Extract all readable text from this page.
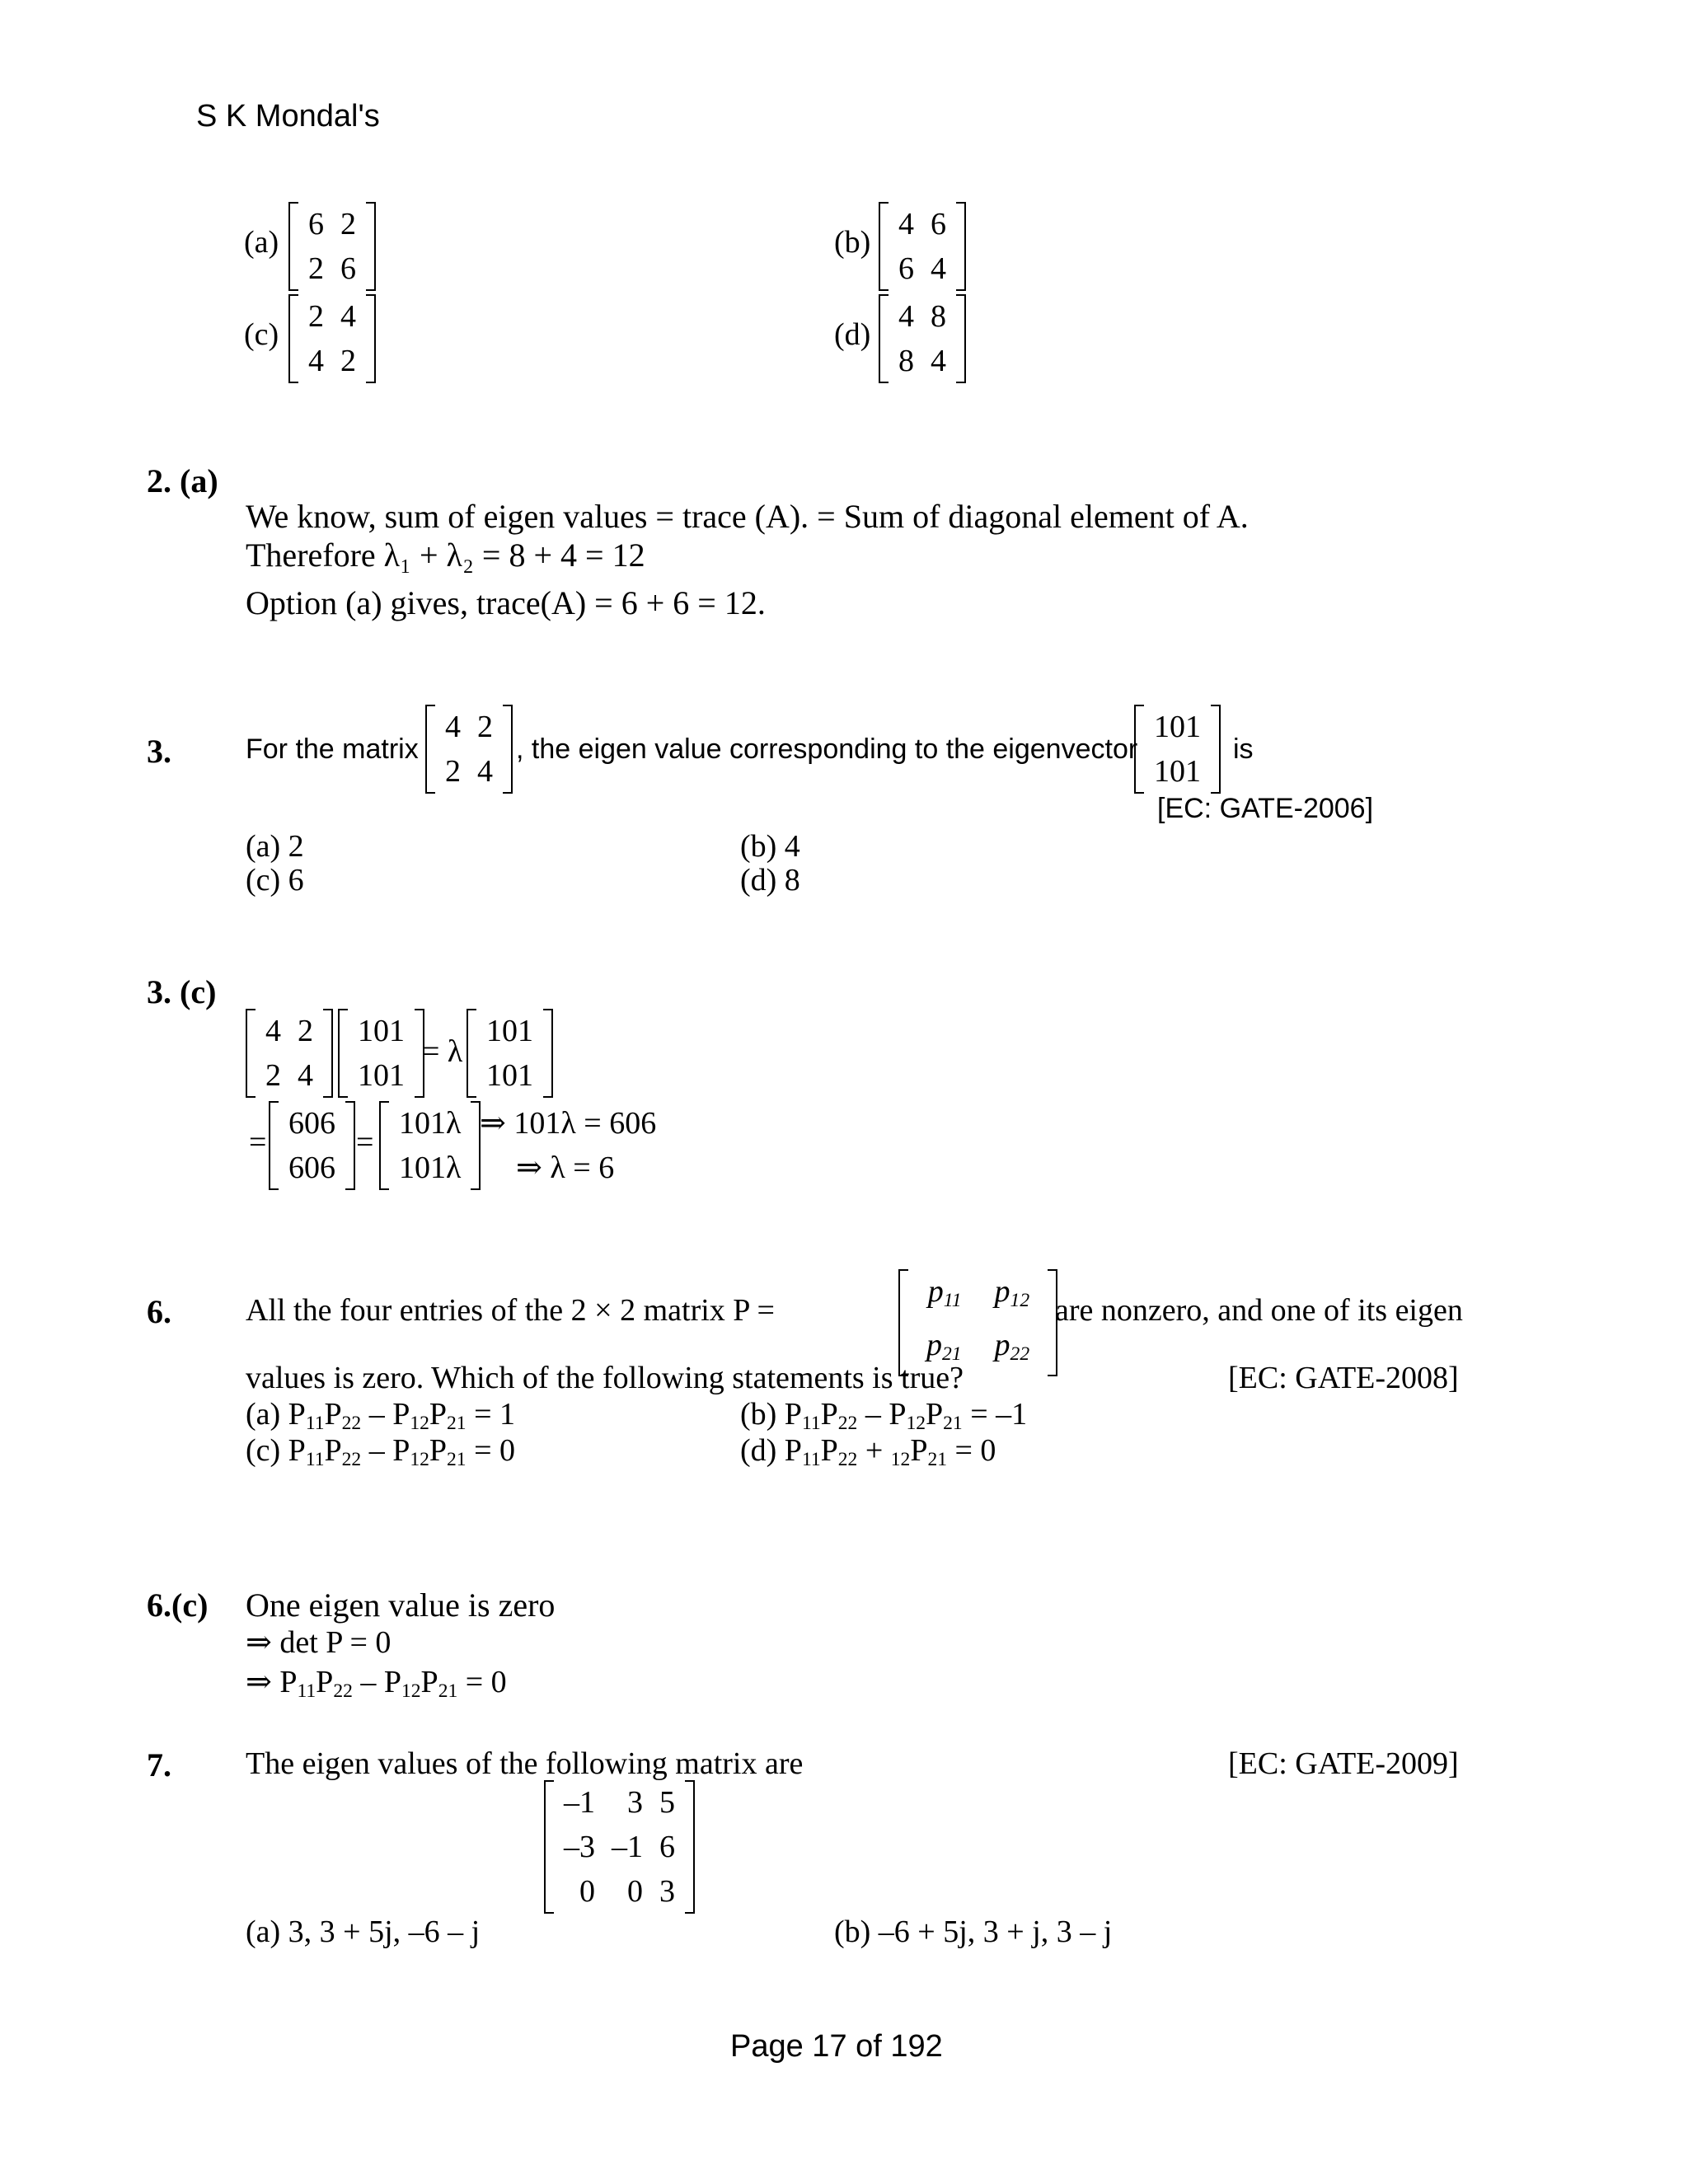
S K Mondal's
(a)
6	2
2	6
(b)
4	6
6	4
(c)
2	4
4	2
(d)
4	8
8	4
2. (a)
We know, sum of eigen values = trace (A). = Sum of diagonal element of A.
Therefore λ₁ + λ₂ = 8 + 4 = 12
Option (a) gives, trace(A) = 6 + 6 = 12.
3.	For the matrix
4	2
2	4
, the eigen value corresponding to the eigenvector
101
101
is
[EC: GATE-2006]
(a) 2	(b) 4
(c) 6	(d) 8
3. (c)
4	2
2	4
101
101
= λ
101
101
=
606
606
=
101λ
101λ
⇒ 101λ = 606
⇒ λ = 6
6. All the four entries of the 2 × 2 matrix P =
$p_{11}$	$p_{12}$
$p_{21}$	$p_{22}$
are nonzero, and one of its eigen
values is zero. Which of the following statements is true?	[EC: GATE-2008]
(a) $P_{11}P_{22} - P_{12}P_{21} = 1$	(b) $P_{11}P_{22} - P_{12}P_{21} = -1$
(c) $P_{11}P_{22} - P_{12}P_{21} = 0$	(d) $P_{11}P_{22} + _{12}P_{21} = 0$
6.(c) One eigen value is zero
⇒ det P = 0
⇒ $P_{11}P_{22} - P_{12}P_{21} = 0$
7. The eigen values of the following matrix are	[EC: GATE-2009]
–1	3	5
–3	–1	6
0	0	3
(a) 3, 3 + 5j, –6 – j	(b) –6 + 5j, 3 + j, 3 – j
Page 17 of 192
